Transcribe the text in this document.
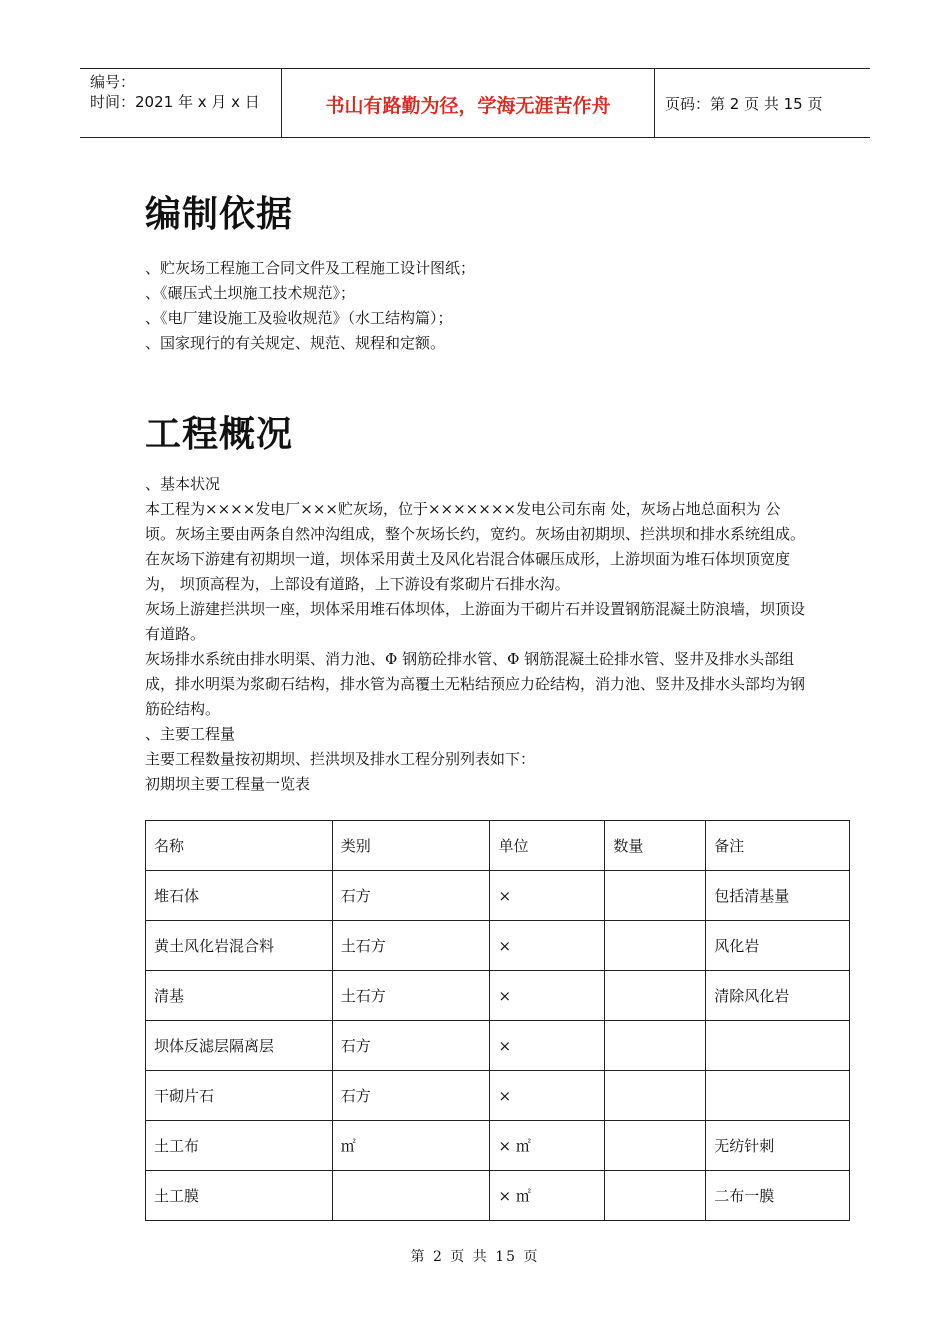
编号：
时间：2021 年 x 月 x 日	书山有路勤为径，学海无涯苦作舟	页码：第 2 页 共 15 页
编制依据

、贮灰场工程施工合同文件及工程施工设计图纸；

、《碾压式土坝施工技术规范》；

、《电厂建设施工及验收规范》（水工结构篇）；

、国家现行的有关规定、规范、规程和定额。

工程概况

、基本状况

本工程为××××发电厂×××贮灰场，位于×××××××发电公司东南 处，灰场占地总面积为 公顷。灰场主要由两条自然冲沟组成，整个灰场长约，宽约。灰场由初期坝、拦洪坝和排水系统组成。

在灰场下游建有初期坝一道，坝体采用黄土及风化岩混合体碾压成形，上游坝面为堆石体坝顶宽度为， 坝顶高程为，上部设有道路，上下游设有浆砌片石排水沟。

灰场上游建拦洪坝一座，坝体采用堆石体坝体，上游面为干砌片石并设置钢筋混凝土防浪墙，坝顶设有道路。

灰场排水系统由排水明渠、消力池、Φ 钢筋砼排水管、Φ 钢筋混凝土砼排水管、竖井及排水头部组成，排水明渠为浆砌石结构，排水管为高覆土无粘结预应力砼结构，消力池、竖井及排水头部均为钢筋砼结构。

、主要工程量

主要工程数量按初期坝、拦洪坝及排水工程分别列表如下：

初期坝主要工程量一览表

名称	类别	单位	数量	备注
堆石体	石方	×		包括清基量
黄土风化岩混合料	土石方	×		风化岩
清基	土石方	×		清除风化岩
坝体反滤层隔离层	石方	×		
干砌片石	石方	×		
土工布	㎡	× ㎡		无纺针刺
土工膜		× ㎡		二布一膜
第 2 页 共 15 页
